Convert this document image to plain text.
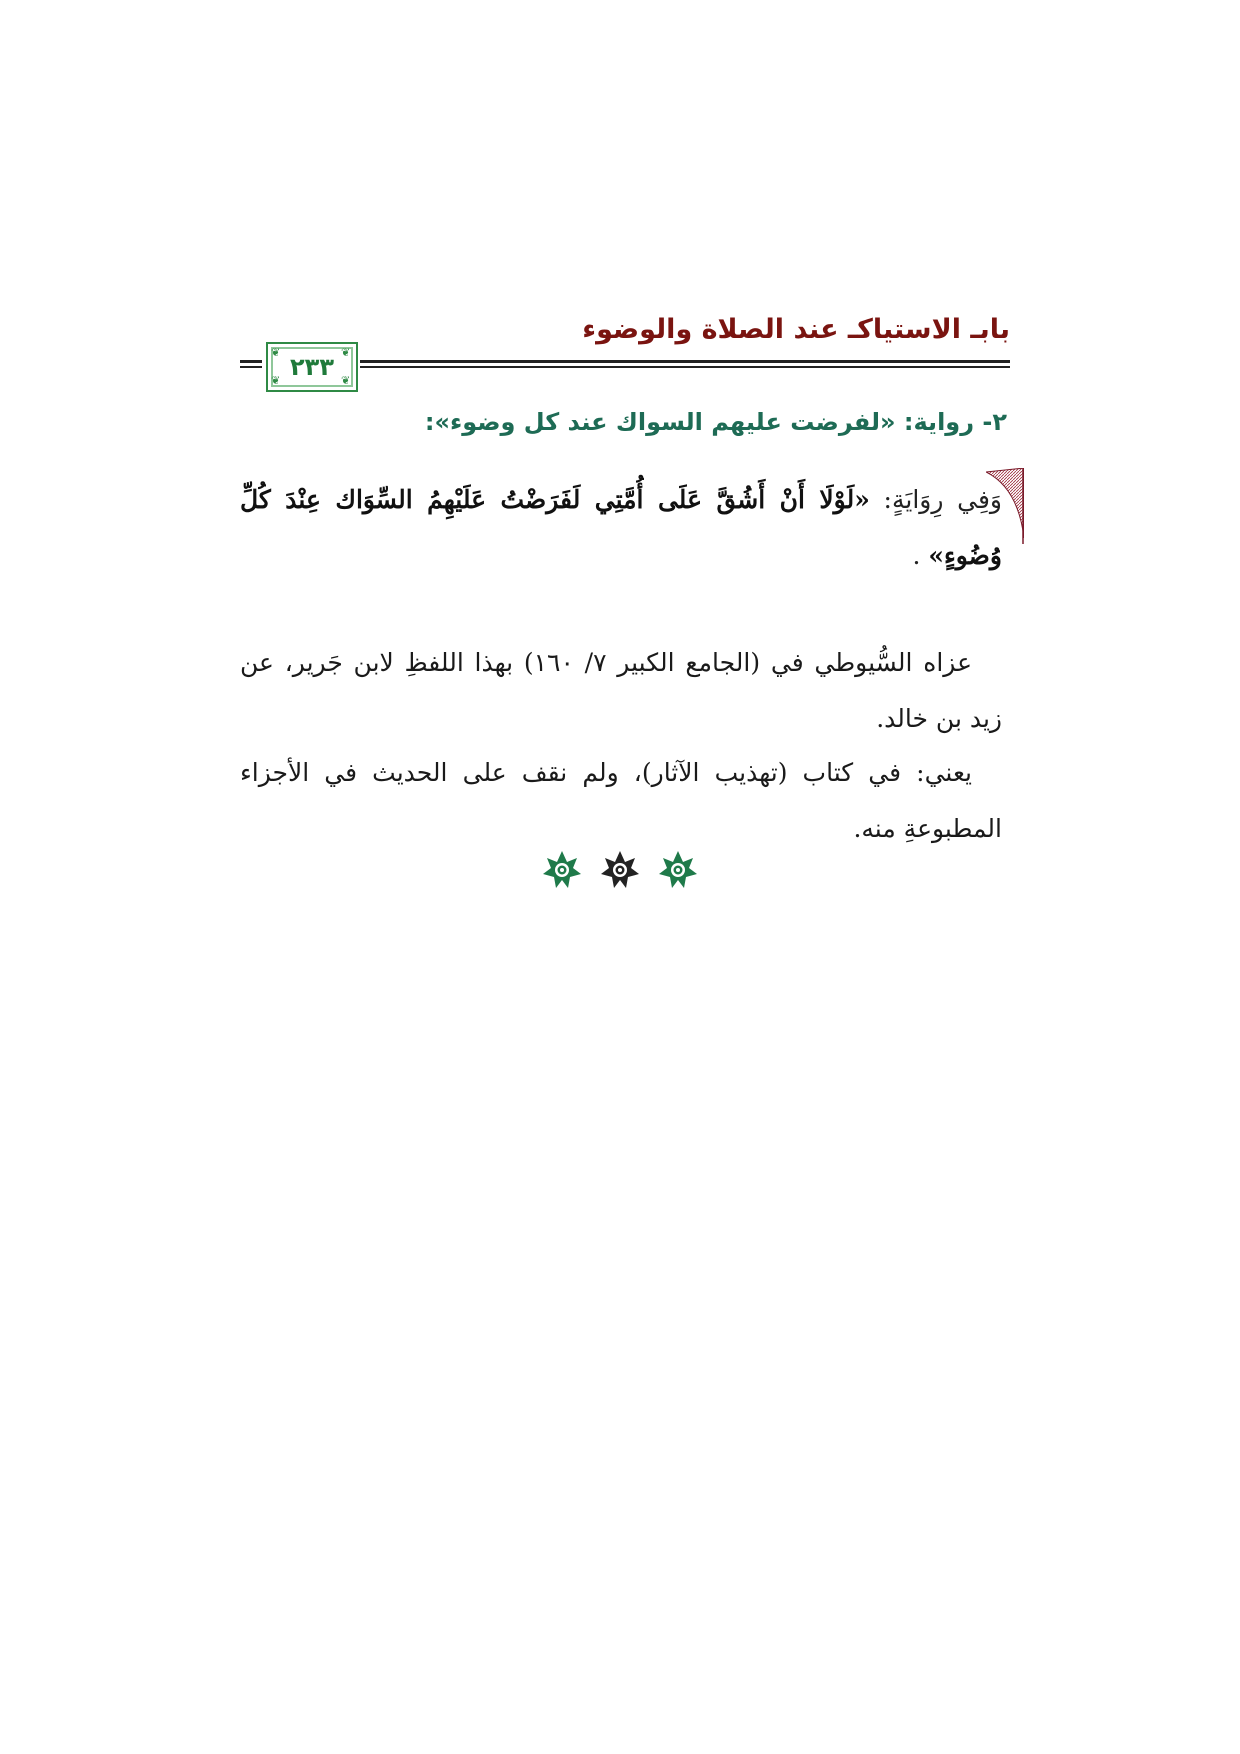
بابـ الاستياكـ عند الصلاة والوضوء
❦	❦
❦	❦
٢٣٣
٢- رواية: «لفرضت عليهم السواك عند كل وضوء»:
وَفِي رِوَايَةٍ: «لَوْلَا أَنْ أَشُقَّ عَلَى أُمَّتِي لَفَرَضْتُ عَلَيْهِمُ السِّوَاك عِنْدَ كُلِّ وُضُوءٍ» .

عزاه السُّيوطي في (الجامع الكبير ٧/ ١٦٠) بهذا اللفظِ لابن جَرير، عن زيد بن خالد.

يعني: في كتاب (تهذيب الآثار)، ولم نقف على الحديث في الأجزاء المطبوعةِ منه.
